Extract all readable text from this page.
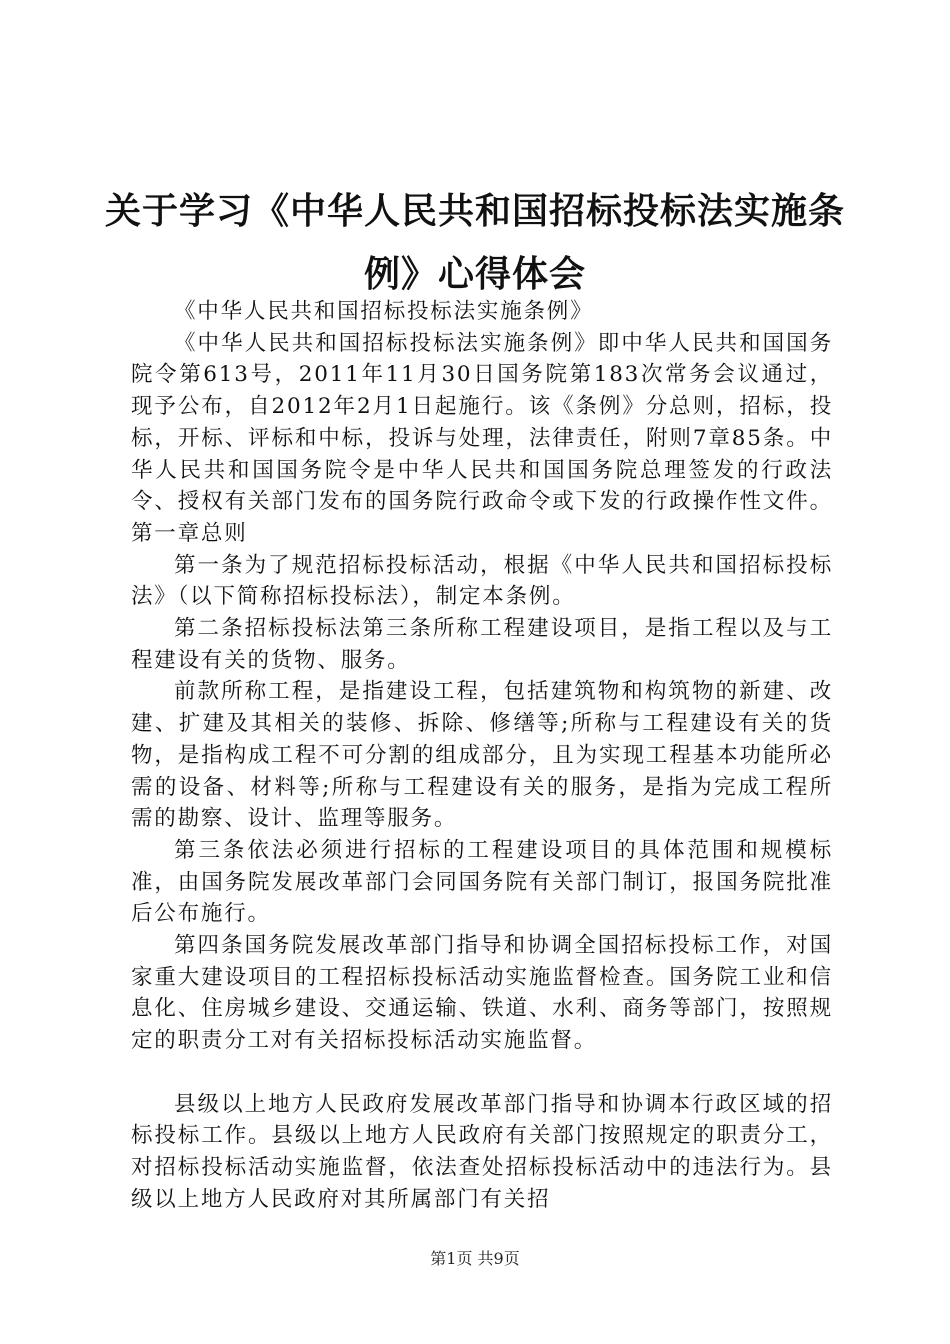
关于学习《中华人民共和国招标投标法实施条
例》心得体会

《中华人民共和国招标投标法实施条例》

《中华人民共和国招标投标法实施条例》即中华人民共和国国务院令第613号，2011年11月30日国务院第183次常务会议通过，现予公布，自2012年2月1日起施行。该《条例》分总则，招标，投标，开标、评标和中标，投诉与处理，法律责任，附则7章85条。中华人民共和国国务院令是中华人民共和国国务院总理签发的行政法令、授权有关部门发布的国务院行政命令或下发的行政操作性文件。第一章总则

第一条为了规范招标投标活动，根据《中华人民共和国招标投标法》（以下简称招标投标法），制定本条例。

第二条招标投标法第三条所称工程建设项目，是指工程以及与工程建设有关的货物、服务。

前款所称工程，是指建设工程，包括建筑物和构筑物的新建、改建、扩建及其相关的装修、拆除、修缮等;所称与工程建设有关的货物，是指构成工程不可分割的组成部分，且为实现工程基本功能所必需的设备、材料等;所称与工程建设有关的服务，是指为完成工程所需的勘察、设计、监理等服务。

第三条依法必须进行招标的工程建设项目的具体范围和规模标准，由国务院发展改革部门会同国务院有关部门制订，报国务院批准后公布施行。

第四条国务院发展改革部门指导和协调全国招标投标工作，对国家重大建设项目的工程招标投标活动实施监督检查。国务院工业和信息化、住房城乡建设、交通运输、铁道、水利、商务等部门，按照规定的职责分工对有关招标投标活动实施监督。

县级以上地方人民政府发展改革部门指导和协调本行政区域的招标投标工作。县级以上地方人民政府有关部门按照规定的职责分工，对招标投标活动实施监督，依法查处招标投标活动中的违法行为。县级以上地方人民政府对其所属部门有关招

第1页 共9页
